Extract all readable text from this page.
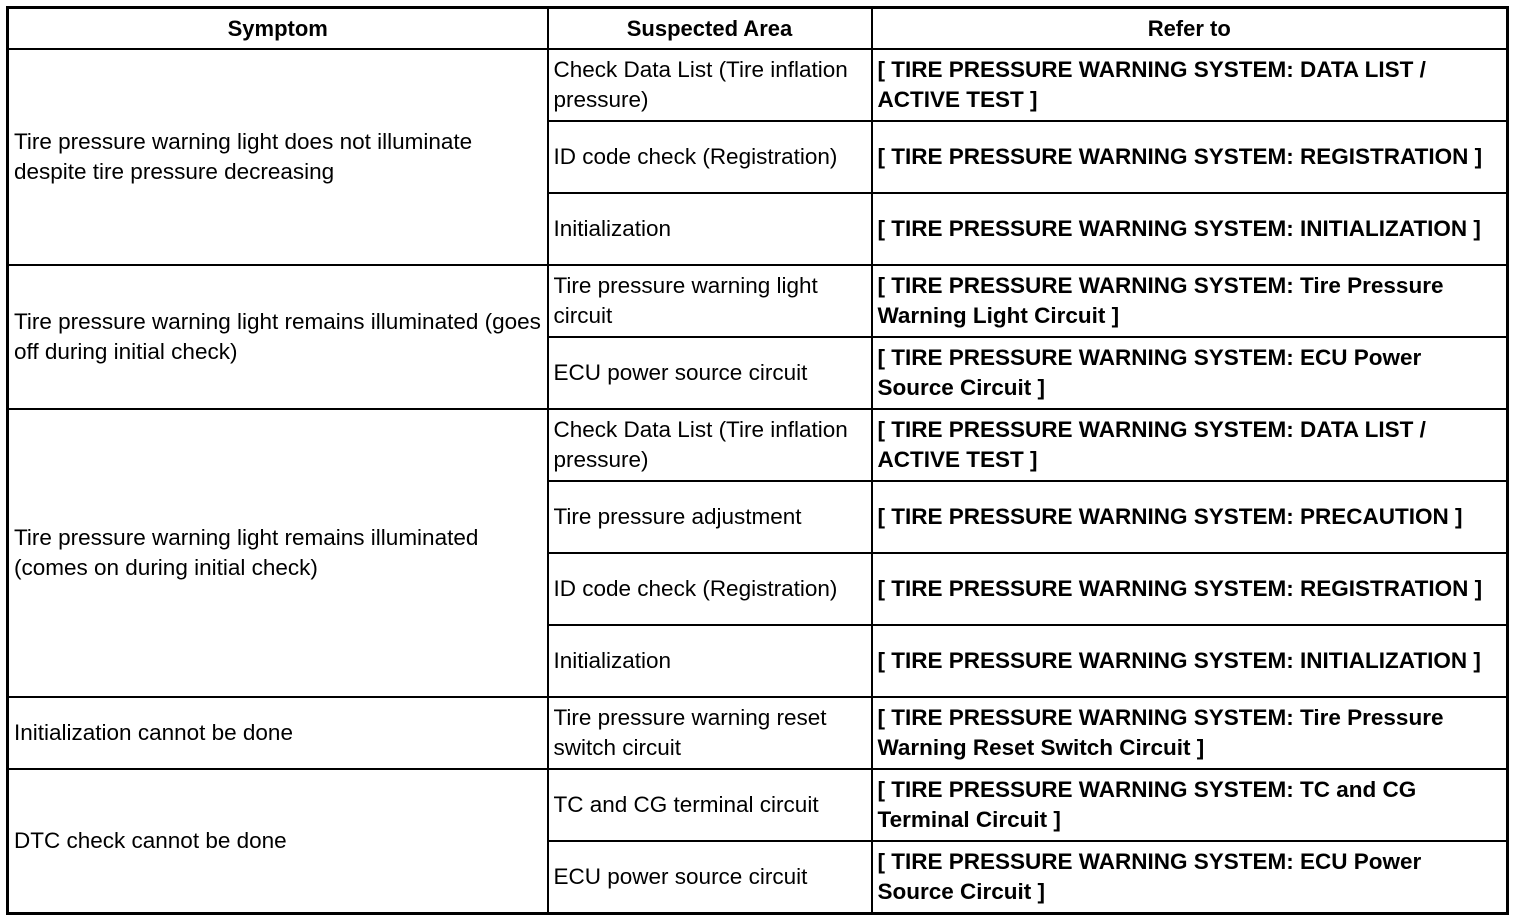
Symptom	Suspected Area	Refer to
Tire pressure warning light does not illuminate despite tire pressure decreasing	Check Data List (Tire inflation pressure)	[ TIRE PRESSURE WARNING SYSTEM: DATA LIST / ACTIVE TEST ]
	ID code check (Registration)	[ TIRE PRESSURE WARNING SYSTEM: REGISTRATION ]
	Initialization	[ TIRE PRESSURE WARNING SYSTEM: INITIALIZATION ]
Tire pressure warning light remains illuminated (goes off during initial check)	Tire pressure warning light circuit	[ TIRE PRESSURE WARNING SYSTEM: Tire Pressure Warning Light Circuit ]
	ECU power source circuit	[ TIRE PRESSURE WARNING SYSTEM: ECU Power Source Circuit ]
Tire pressure warning light remains illuminated (comes on during initial check)	Check Data List (Tire inflation pressure)	[ TIRE PRESSURE WARNING SYSTEM: DATA LIST / ACTIVE TEST ]
	Tire pressure adjustment	[ TIRE PRESSURE WARNING SYSTEM: PRECAUTION ]
	ID code check (Registration)	[ TIRE PRESSURE WARNING SYSTEM: REGISTRATION ]
	Initialization	[ TIRE PRESSURE WARNING SYSTEM: INITIALIZATION ]
Initialization cannot be done	Tire pressure warning reset switch circuit	[ TIRE PRESSURE WARNING SYSTEM: Tire Pressure Warning Reset Switch Circuit ]
DTC check cannot be done	TC and CG terminal circuit	[ TIRE PRESSURE WARNING SYSTEM: TC and CG Terminal Circuit ]
	ECU power source circuit	[ TIRE PRESSURE WARNING SYSTEM: ECU Power Source Circuit ]
